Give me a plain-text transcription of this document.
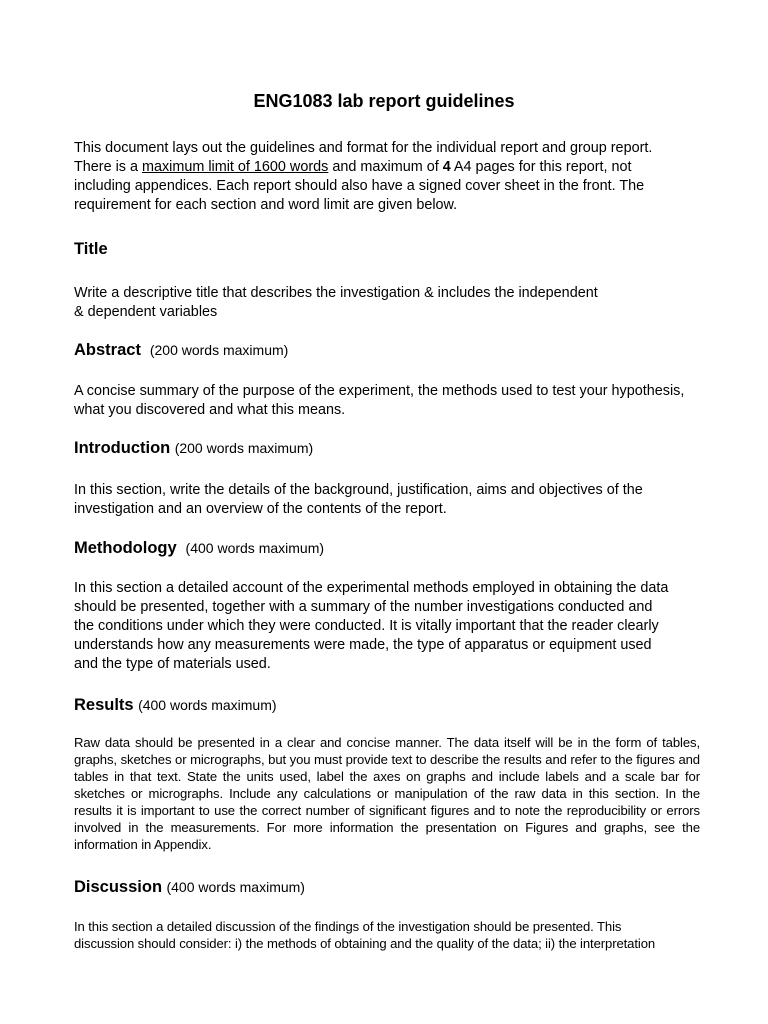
ENG1083 lab report guidelines
This document lays out the guidelines and format for the individual report and group report.
There is a maximum limit of 1600 words and maximum of 4 A4 pages for this report, not
including appendices. Each report should also have a signed cover sheet in the front. The
requirement for each section and word limit are given below.
Title
Write a descriptive title that describes the investigation & includes the independent
& dependent variables
Abstract (200 words maximum)
A concise summary of the purpose of the experiment, the methods used to test your hypothesis,
what you discovered and what this means.
Introduction (200 words maximum)
In this section, write the details of the background, justification, aims and objectives of the
investigation and an overview of the contents of the report.
Methodology (400 words maximum)
In this section a detailed account of the experimental methods employed in obtaining the data
should be presented, together with a summary of the number investigations conducted and
the conditions under which they were conducted. It is vitally important that the reader clearly
understands how any measurements were made, the type of apparatus or equipment used
and the type of materials used.
Results (400 words maximum)

Raw data should be presented in a clear and concise manner. The data itself will be in the form of tables, graphs, sketches or micrographs, but you must provide text to describe the results and refer to the figures and tables in that text. State the units used, label the axes on graphs and include labels and a scale bar for sketches or micrographs. Include any calculations or manipulation of the raw data in this section. In the results it is important to use the correct number of significant figures and to note the reproducibility or errors involved in the measurements. For more information the presentation on Figures and graphs, see the information in Appendix.

Discussion (400 words maximum)
In this section a detailed discussion of the findings of the investigation should be presented. This
discussion should consider: i) the methods of obtaining and the quality of the data; ii) the interpretation
